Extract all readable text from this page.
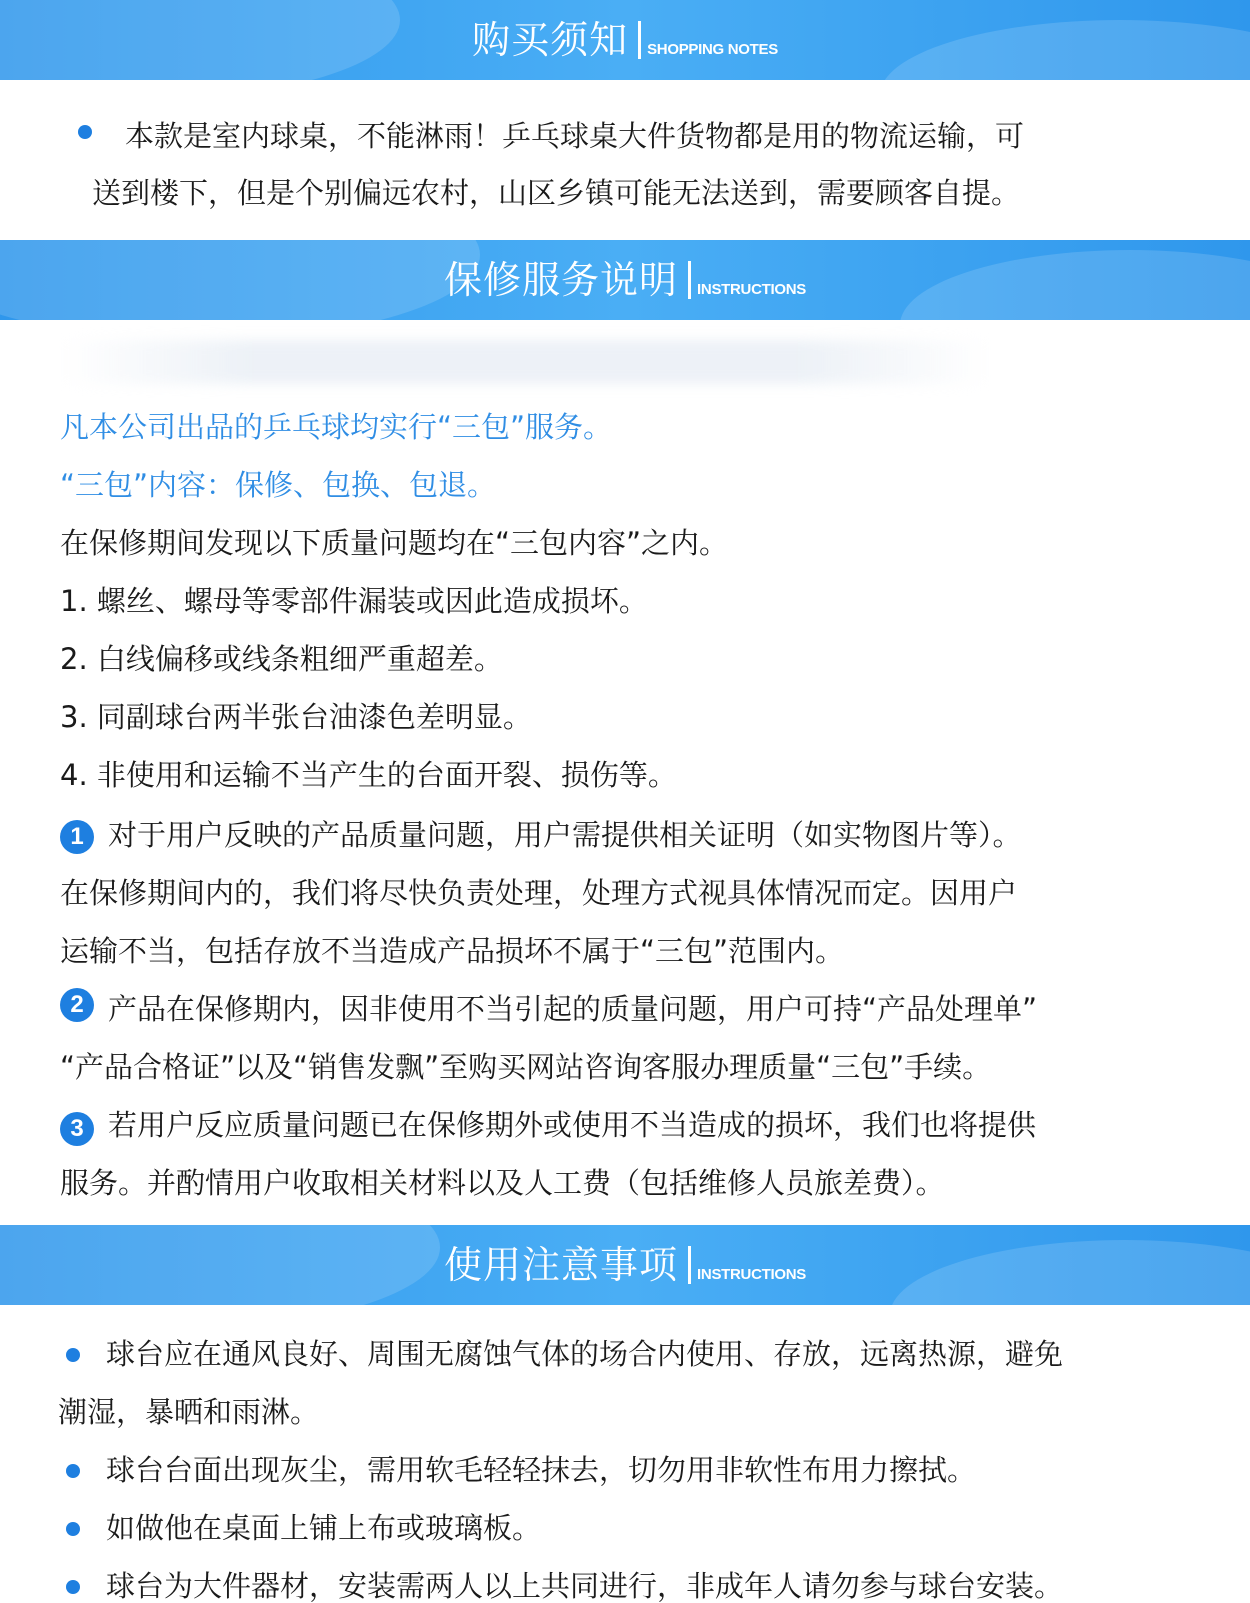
购买须知 SHOPPING NOTES
本款是室内球桌，不能淋雨！乒乓球桌大件货物都是用的物流运输，可
送到楼下，但是个别偏远农村，山区乡镇可能无法送到，需要顾客自提。
保修服务说明 INSTRUCTIONS
凡本公司出品的乒乓球均实行“三包”服务。
“三包”内容：保修、包换、包退。
在保修期间发现以下质量问题均在“三包内容”之内。
1. 螺丝、螺母等零部件漏装或因此造成损坏。
2. 白线偏移或线条粗细严重超差。
3. 同副球台两半张台油漆色差明显。
4. 非使用和运输不当产生的台面开裂、损伤等。
1 对于用户反映的产品质量问题，用户需提供相关证明（如实物图片等）。
在保修期间内的，我们将尽快负责处理，处理方式视具体情况而定。因用户
运输不当，包括存放不当造成产品损坏不属于“三包”范围内。
2 产品在保修期内，因非使用不当引起的质量问题，用户可持“产品处理单”
“产品合格证”以及“销售发飘”至购买网站咨询客服办理质量“三包”手续。
3 若用户反应质量问题已在保修期外或使用不当造成的损坏，我们也将提供
服务。并酌情用户收取相关材料以及人工费（包括维修人员旅差费）。
使用注意事项 INSTRUCTIONS
球台应在通风良好、周围无腐蚀气体的场合内使用、存放，远离热源，避免
潮湿，暴晒和雨淋。
球台台面出现灰尘，需用软毛轻轻抹去，切勿用非软性布用力擦拭。
如做他在桌面上铺上布或玻璃板。
球台为大件器材，安装需两人以上共同进行，非成年人请勿参与球台安装。
